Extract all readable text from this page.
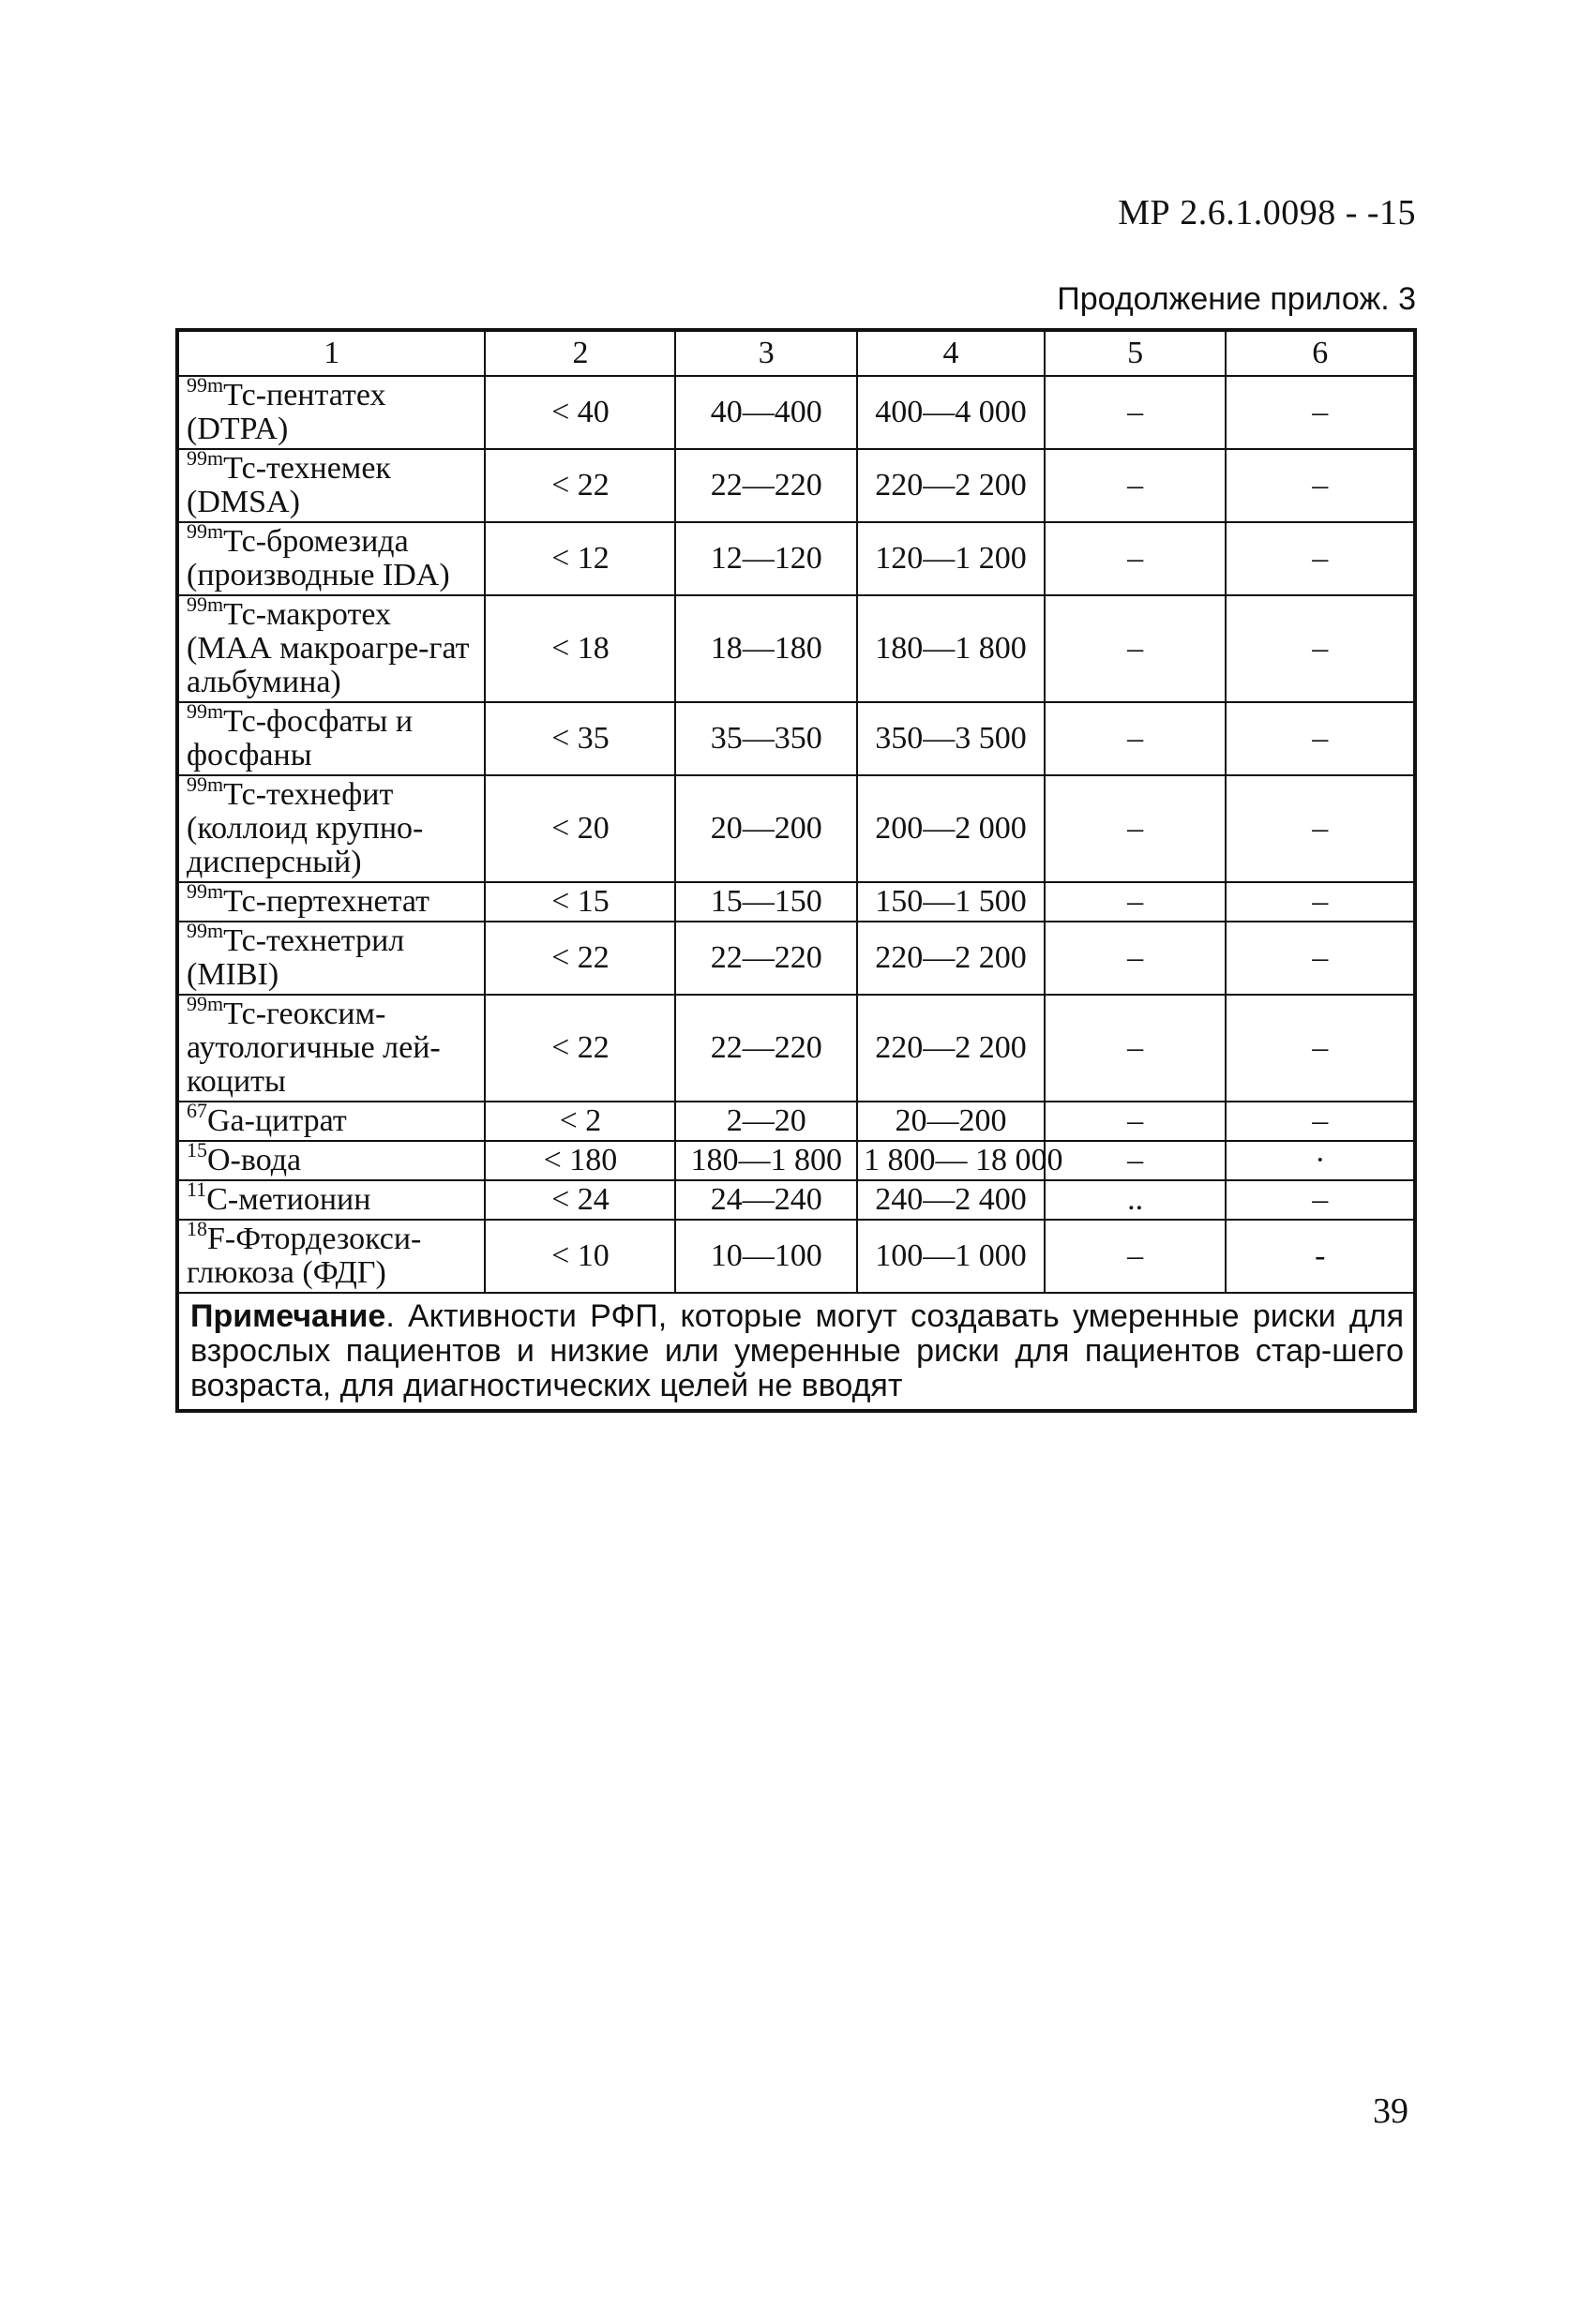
МР 2.6.1.0098 - -15
Продолжение прилож. 3
1	2	3	4	5	6
$^{99m}$Тс-пентатех (DTPA)	< 40	40—400	400—4 000	–	–
$^{99m}$Тс-технемек (DMSA)	< 22	22—220	220—2 200	–	–
$^{99m}$Тс-бромезида (производные IDA)	< 12	12—120	120—1 200	–	–
$^{99m}$Тс-макротех (МАА макроагре-гат альбумина)	< 18	18—180	180—1 800	–	–
$^{99m}$Тс-фосфаты и фосфаны	< 35	35—350	350—3 500	–	–
$^{99m}$Тс-технефит (коллоид крупно-дисперсный)	< 20	20—200	200—2 000	–	–
$^{99m}$Тс-пертехнетат	< 15	15—150	150—1 500	–	–
$^{99m}$Тс-технетрил (MIBI)	< 22	22—220	220—2 200	–	–
$^{99m}$Тс-геоксим-аутологичные лей-коциты	< 22	22—220	220—2 200	–	–
$^{67}$Ga-цитрат	< 2	2—20	20—200	–	–
$^{15}$О-вода	< 180	180—1 800	1 800— 18 000	–	·
$^{11}$С-метионин	< 24	24—240	240—2 400	..	–
$^{18}$F-Фтордезокси-глюкоза (ФДГ)	< 10	10—100	100—1 000	–	-
Примечание. Активности РФП, которые могут создавать умеренные риски для взрослых пациентов и низкие или умеренные риски для пациентов стар-шего возраста, для диагностических целей не вводят					
39
